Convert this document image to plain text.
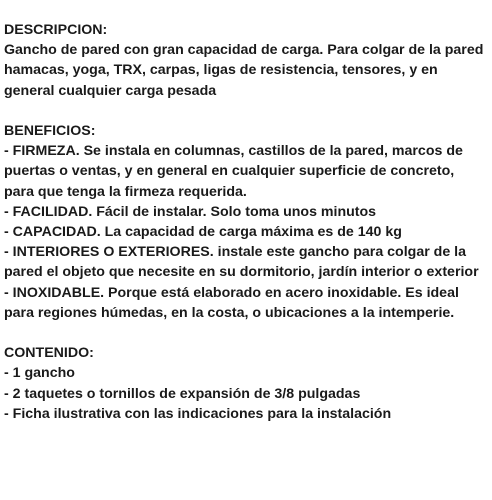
DESCRIPCION:
Gancho de pared con gran capacidad de carga. Para colgar de la pared hamacas, yoga, TRX, carpas, ligas de resistencia, tensores, y en general cualquier carga pesada
BENEFICIOS:
- FIRMEZA. Se instala en columnas, castillos de la pared, marcos de puertas o ventas, y en general en cualquier superficie de concreto, para que tenga la firmeza requerida.
- FACILIDAD. Fácil de instalar. Solo toma unos minutos
- CAPACIDAD. La capacidad de carga máxima es de 140 kg
- INTERIORES O EXTERIORES. instale este gancho para colgar de la pared el objeto que necesite en su dormitorio, jardín interior o exterior
- INOXIDABLE. Porque está elaborado en acero inoxidable. Es ideal para regiones húmedas, en la costa, o ubicaciones a la intemperie.
CONTENIDO:
- 1 gancho
- 2 taquetes o tornillos de expansión de 3/8 pulgadas
- Ficha ilustrativa con las indicaciones para la instalación
